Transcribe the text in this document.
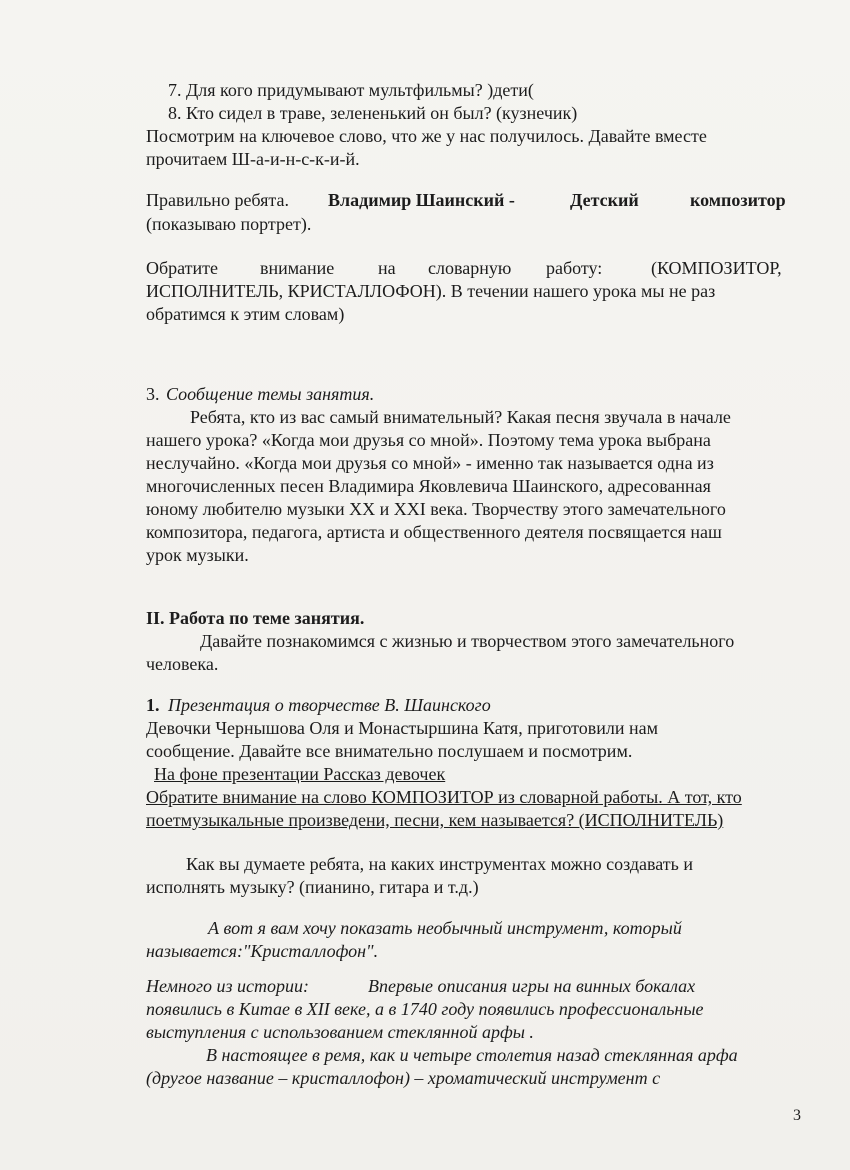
7. Для кого придумывают мультфильмы? )дети(
8. Кто сидел в траве, зелененький он был? (кузнечик)
Посмотрим на ключевое слово, что же у нас получилось. Давайте вместе
прочитаем Ш-а-и-н-с-к-и-й.
Правильно ребята. Владимир Шаинский -	Детский	композитор
(показываю портрет).
Обратите внимание на словарную работу:	(КОМПОЗИТОР,
ИСПОЛНИТЕЛЬ, КРИСТАЛЛОФОН). В течении нашего урока мы не раз
обратимся к этим словам)
3. Сообщение темы занятия.
Ребята, кто из вас самый внимательный? Какая песня звучала в начале
нашего урока? «Когда мои друзья со мной». Поэтому тема урока выбрана
неслучайно. «Когда мои друзья со мной» - именно так называется одна из
многочисленных песен Владимира Яковлевича Шаинского, адресованная
юному любителю музыки XX и XXI века. Творчеству этого замечательного
композитора, педагога, артиста и общественного деятеля посвящается наш
урок музыки.
II. Работа по теме занятия.
Давайте познакомимся с жизнью и творчеством этого замечательного
человека.
1. Презентация о творчестве В. Шаинского
Девочки Чернышова Оля и Монастыршина Катя, приготовили нам
сообщение. Давайте все внимательно послушаем и посмотрим.
На фоне презентации Рассказ девочек
Обратите внимание на слово КОМПОЗИТОР из словарной работы. А тот, кто
поетмузыкальные произведени, песни, кем называется? (ИСПОЛНИТЕЛЬ)
Как вы думаете ребята, на каких инструментах можно создавать и
исполнять музыку? (пианино, гитара и т.д.)
А вот я вам хочу показать необычный инструмент, который
называется:"Кристаллофон".
Немного из истории:	Впервые описания игры на винных бокалах
появились в Китае в XII веке, а в 1740 году появились профессиональные
выступления с использованием стеклянной арфы .
В настоящее в ремя, как и четыре столетия назад стеклянная арфа
(другое название – кристаллофон) – хроматический инструмент с
3
